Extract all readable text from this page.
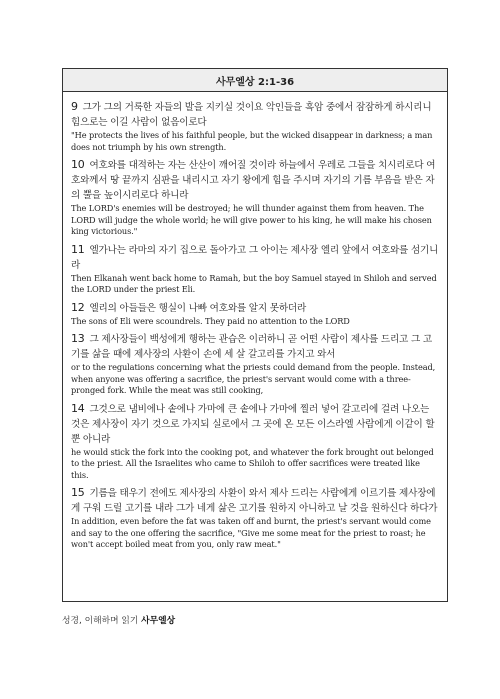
사무엘상 2:1-36
9 그가 그의 거룩한 자들의 발을 지키실 것이요 악인들을 흑암 중에서 잠잠하게 하시리니 힘으로는 이길 사람이 없음이로다
"He protects the lives of his faithful people, but the wicked disappear in darkness; a man does not triumph by his own strength.
10 여호와를 대적하는 자는 산산이 깨어질 것이라 하늘에서 우레로 그들을 치시리로다 여호와께서 땅 끝까지 심판을 내리시고 자기 왕에게 힘을 주시며 자기의 기름 부음을 받은 자의 뿔을 높이시리로다 하니라
The LORD's enemies will be destroyed; he will thunder against them from heaven. The LORD will judge the whole world; he will give power to his king, he will make his chosen king victorious."
11 엘가나는 라마의 자기 집으로 돌아가고 그 아이는 제사장 엘리 앞에서 여호와를 섬기니라
Then Elkanah went back home to Ramah, but the boy Samuel stayed in Shiloh and served the LORD under the priest Eli.
12 엘리의 아들들은 행실이 나빠 여호와를 알지 못하더라
The sons of Eli were scoundrels. They paid no attention to the LORD
13 그 제사장들이 백성에게 행하는 관습은 이러하니 곧 어떤 사람이 제사를 드리고 그 고기를 삶을 때에 제사장의 사환이 손에 세 살 갈고리를 가지고 와서
or to the regulations concerning what the priests could demand from the people. Instead, when anyone was offering a sacrifice, the priest's servant would come with a three-pronged fork. While the meat was still cooking,
14 그것으로 냄비에나 솥에나 가마에 큰 솥에나 가마에 찔러 넣어 갈고리에 걸려 나오는 것은 제사장이 자기 것으로 가지되 실로에서 그 곳에 온 모든 이스라엘 사람에게 이같이 할 뿐 아니라
he would stick the fork into the cooking pot, and whatever the fork brought out belonged to the priest. All the Israelites who came to Shiloh to offer sacrifices were treated like this.
15 기름을 태우기 전에도 제사장의 사환이 와서 제사 드리는 사람에게 이르기를 제사장에게 구워 드릴 고기를 내라 그가 네게 삶은 고기를 원하지 아니하고 날 것을 원하신다 하다가
In addition, even before the fat was taken off and burnt, the priest's servant would come and say to the one offering the sacrifice, "Give me some meat for the priest to roast; he won't accept boiled meat from you, only raw meat."
성경, 이해하며 읽기 사무엘상
